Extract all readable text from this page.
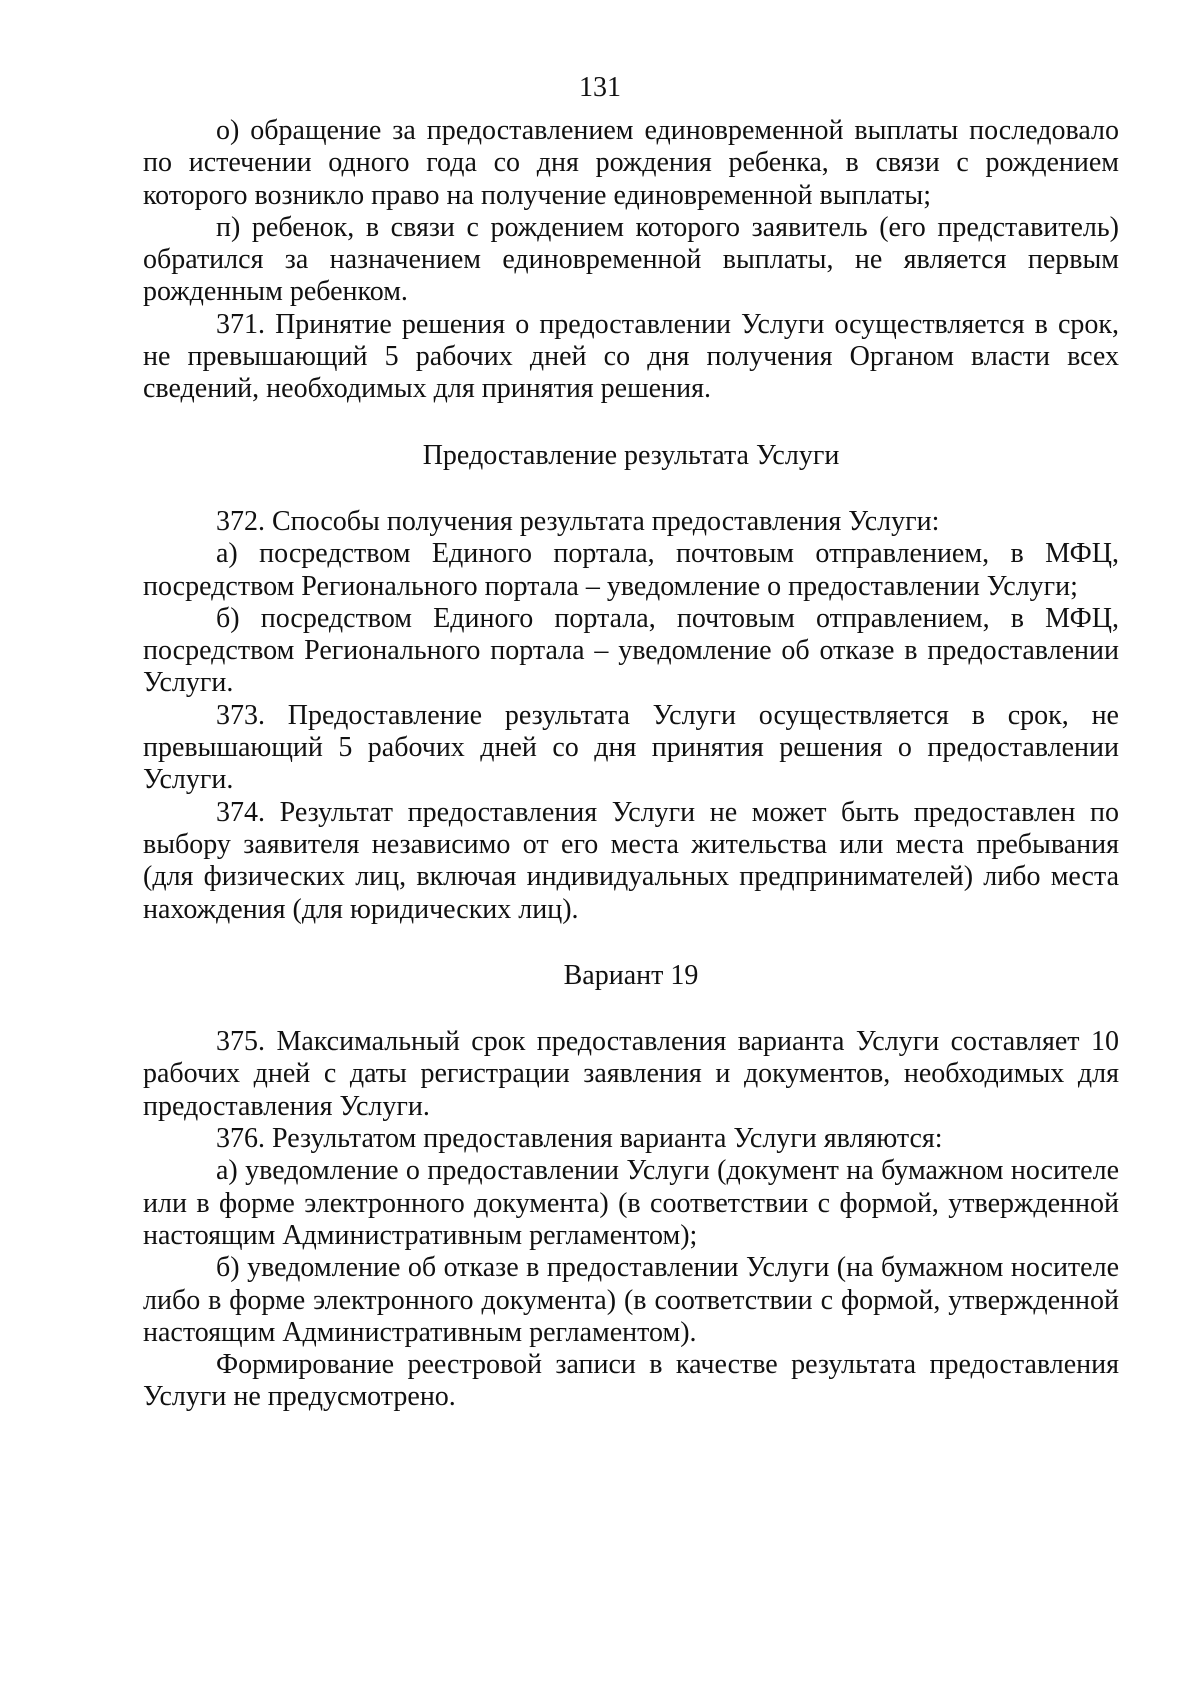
131

о) обращение за предоставлением единовременной выплаты последовало по истечении одного года со дня рождения ребенка, в связи с рождением которого возникло право на получение единовременной выплаты;

п) ребенок, в связи с рождением которого заявитель (его представитель) обратился за назначением единовременной выплаты, не является первым рожденным ребенком.

371. Принятие решения о предоставлении Услуги осуществляется в срок, не превышающий 5 рабочих дней со дня получения Органом власти всех сведений, необходимых для принятия решения.

Предоставление результата Услуги

372. Способы получения результата предоставления Услуги:

а) посредством Единого портала, почтовым отправлением, в МФЦ, посредством Регионального портала – уведомление о предоставлении Услуги;

б) посредством Единого портала, почтовым отправлением, в МФЦ, посредством Регионального портала – уведомление об отказе в предоставлении Услуги.

373. Предоставление результата Услуги осуществляется в срок, не превышающий 5 рабочих дней со дня принятия решения о предоставлении Услуги.

374. Результат предоставления Услуги не может быть предоставлен по выбору заявителя независимо от его места жительства или места пребывания (для физических лиц, включая индивидуальных предпринимателей) либо места нахождения (для юридических лиц).

Вариант 19

375. Максимальный срок предоставления варианта Услуги составляет 10 рабочих дней с даты регистрации заявления и документов, необходимых для предоставления Услуги.

376. Результатом предоставления варианта Услуги являются:

а) уведомление о предоставлении Услуги (документ на бумажном носителе или в форме электронного документа) (в соответствии с формой, утвержденной настоящим Административным регламентом);

б) уведомление об отказе в предоставлении Услуги (на бумажном носителе либо в форме электронного документа) (в соответствии с формой, утвержденной настоящим Административным регламентом).

Формирование реестровой записи в качестве результата предоставления Услуги не предусмотрено.
